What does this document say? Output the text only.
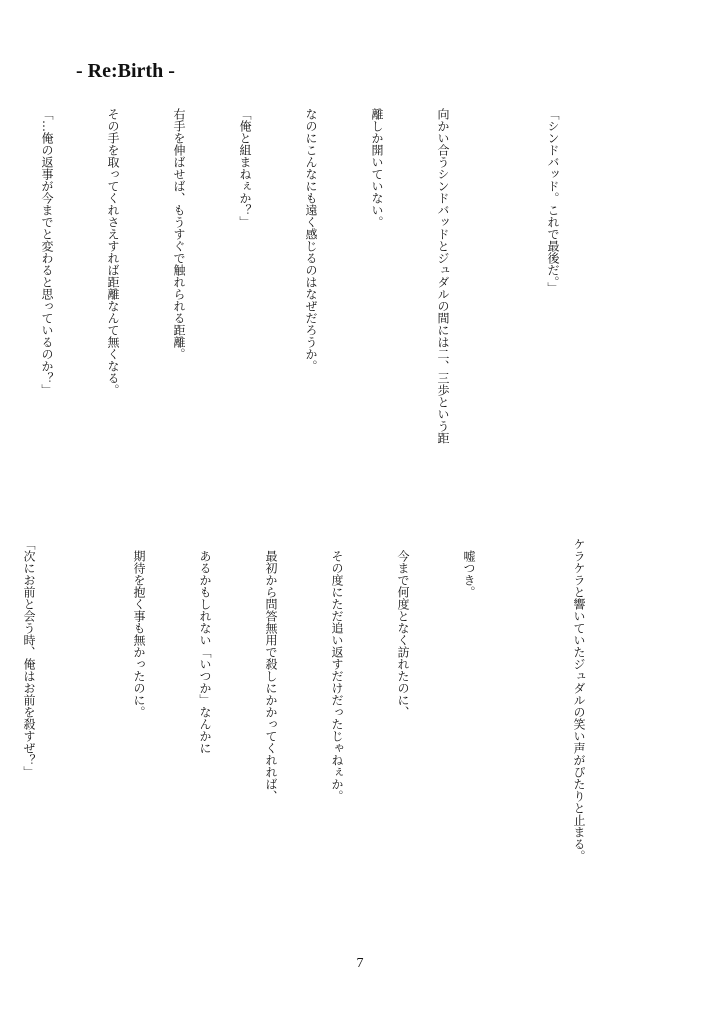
- Re:Birth -

「シンドバッド。これで最後だ。」

向かい合うシンドバッドとジュダルの間には二、三歩という距

離しか開いていない。

なのにこんなにも遠く感じるのはなぜだろうか。

「俺と組まねぇか？」

右手を伸ばせば、もうすぐで触れられる距離。

その手を取ってくれさえすれば距離なんて無くなる。

「…俺の返事が今までと変わると思っているのか？」

ケラケラと響いていたジュダルの笑い声がぴたりと止まる。

　嘘つき。

　今まで何度となく訪れたのに、

　その度にただ追い返すだけだったじゃねぇか。

　最初から問答無用で殺しにかかってくれれば、

　あるかもしれない「いつか」なんかに

　期待を抱く事も無かったのに。

「次にお前と会う時、俺はお前を殺すぜ？」

7
